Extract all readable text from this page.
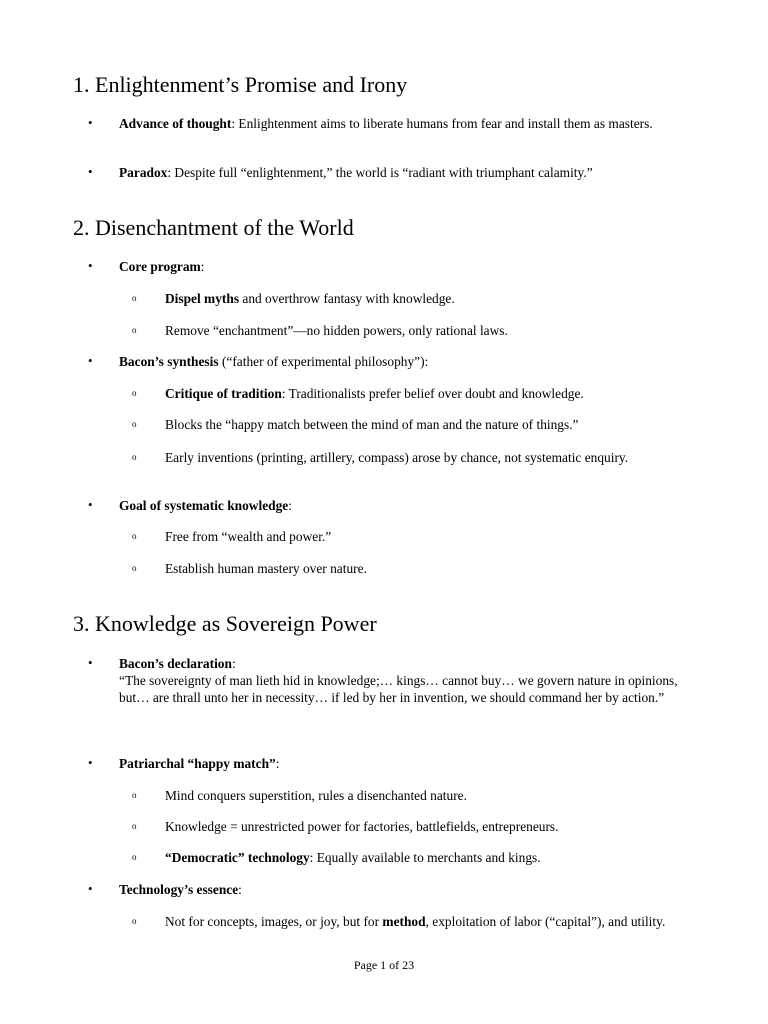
1. Enlightenment’s Promise and Irony
• Advance of thought: Enlightenment aims to liberate humans from fear and install them as masters.
• Paradox: Despite full “enlightenment,” the world is “radiant with triumphant calamity.”
2. Disenchantment of the World
• Core program:
o Dispel myths and overthrow fantasy with knowledge.
o Remove “enchantment”—no hidden powers, only rational laws.
• Bacon’s synthesis (“father of experimental philosophy”):
o Critique of tradition: Traditionalists prefer belief over doubt and knowledge.
o Blocks the “happy match between the mind of man and the nature of things.”
o Early inventions (printing, artillery, compass) arose by chance, not systematic enquiry.
• Goal of systematic knowledge:
o Free from “wealth and power.”
o Establish human mastery over nature.
3. Knowledge as Sovereign Power
• Bacon’s declaration:
“The sovereignty of man lieth hid in knowledge;… kings… cannot buy… we govern nature in opinions, but… are thrall unto her in necessity… if led by her in invention, we should command her by action.”
• Patriarchal “happy match”:
o Mind conquers superstition, rules a disenchanted nature.
o Knowledge = unrestricted power for factories, battlefields, entrepreneurs.
o “Democratic” technology: Equally available to merchants and kings.
• Technology’s essence:
o Not for concepts, images, or joy, but for method, exploitation of labor (“capital”), and utility.
Page 1 of 23
